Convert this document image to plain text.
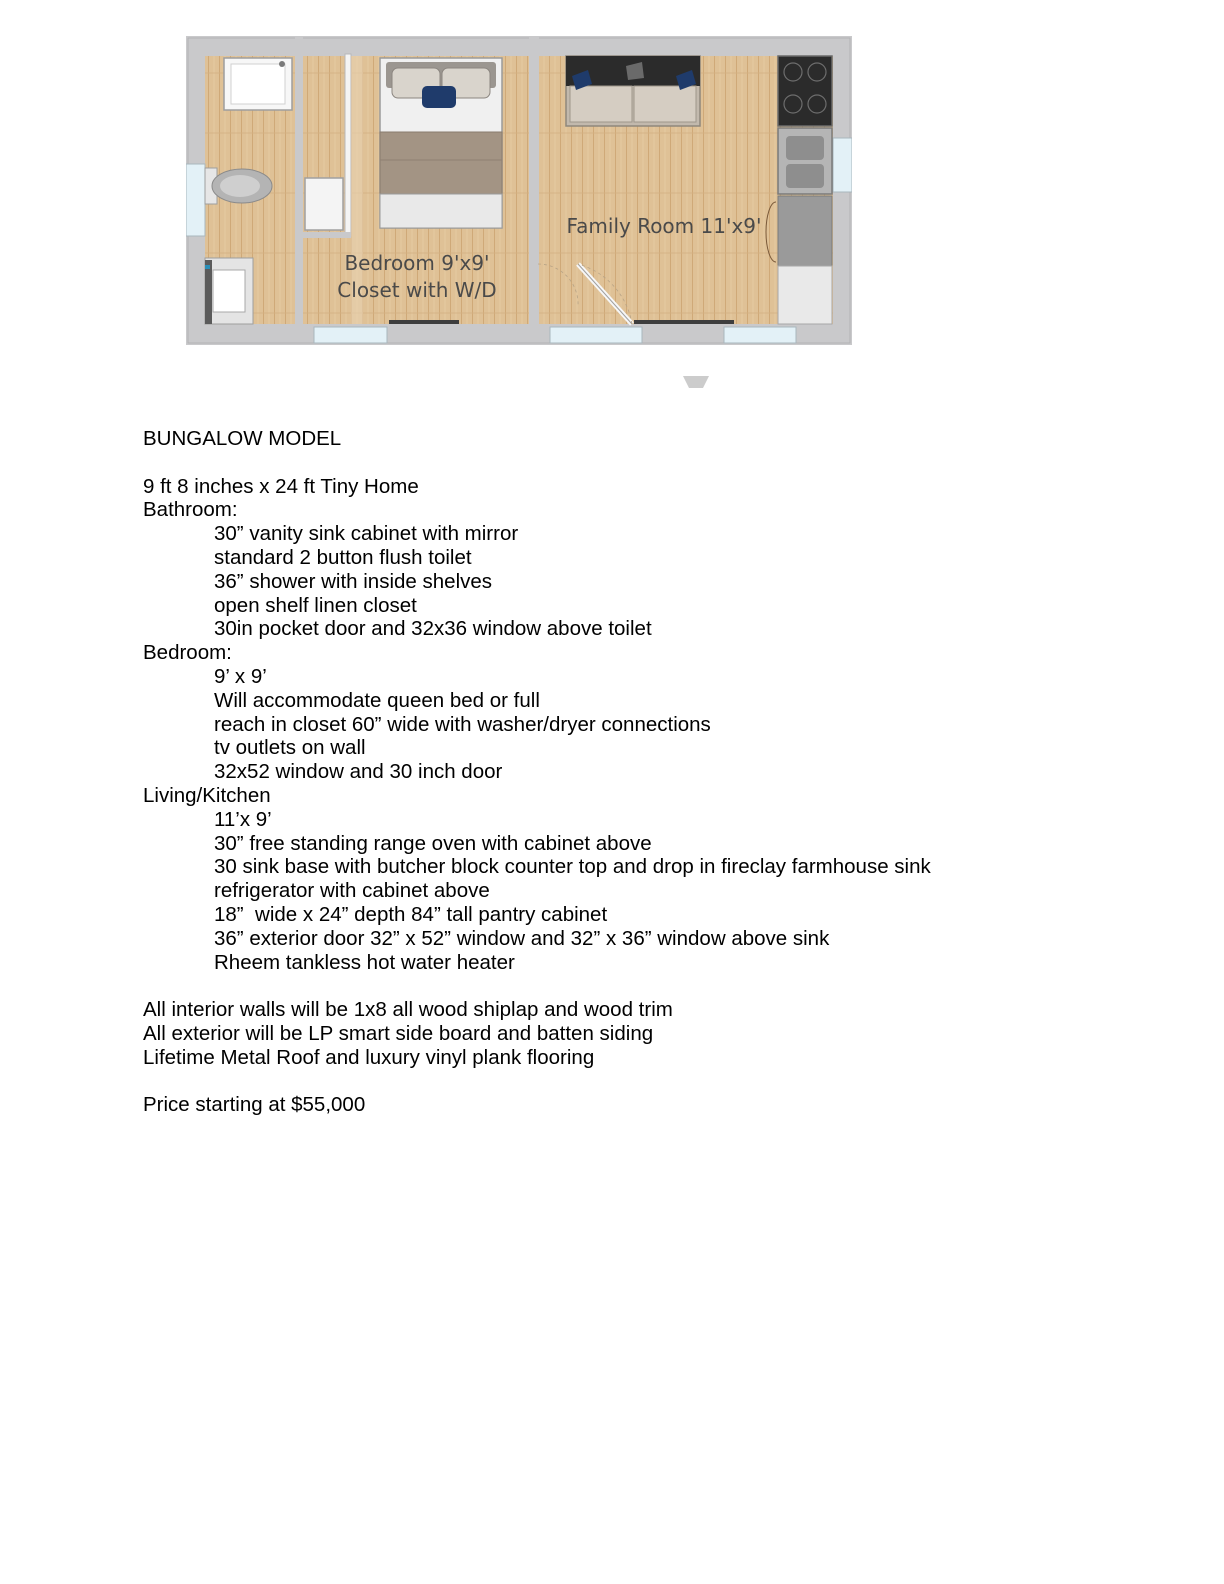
Bedroom 9'x9'
Closet with W/D
Family Room 11'x9'
BUNGALOW MODEL
9 ft 8 inches x 24 ft Tiny Home
Bathroom:
30” vanity sink cabinet with mirror
standard 2 button flush toilet
36” shower with inside shelves
open shelf linen closet
30in pocket door and 32x36 window above toilet
Bedroom:
9’ x 9’
Will accommodate queen bed or full
reach in closet 60” wide with washer/dryer connections
tv outlets on wall
32x52 window and 30 inch door
Living/Kitchen
11’x 9’
30” free standing range oven with cabinet above
30 sink base with butcher block counter top and drop in fireclay farmhouse sink
refrigerator with cabinet above
18”  wide x 24” depth 84” tall pantry cabinet
36” exterior door 32” x 52” window and 32” x 36” window above sink
Rheem tankless hot water heater
All interior walls will be 1x8 all wood shiplap and wood trim
All exterior will be LP smart side board and batten siding
Lifetime Metal Roof and luxury vinyl plank flooring
Price starting at $55,000
